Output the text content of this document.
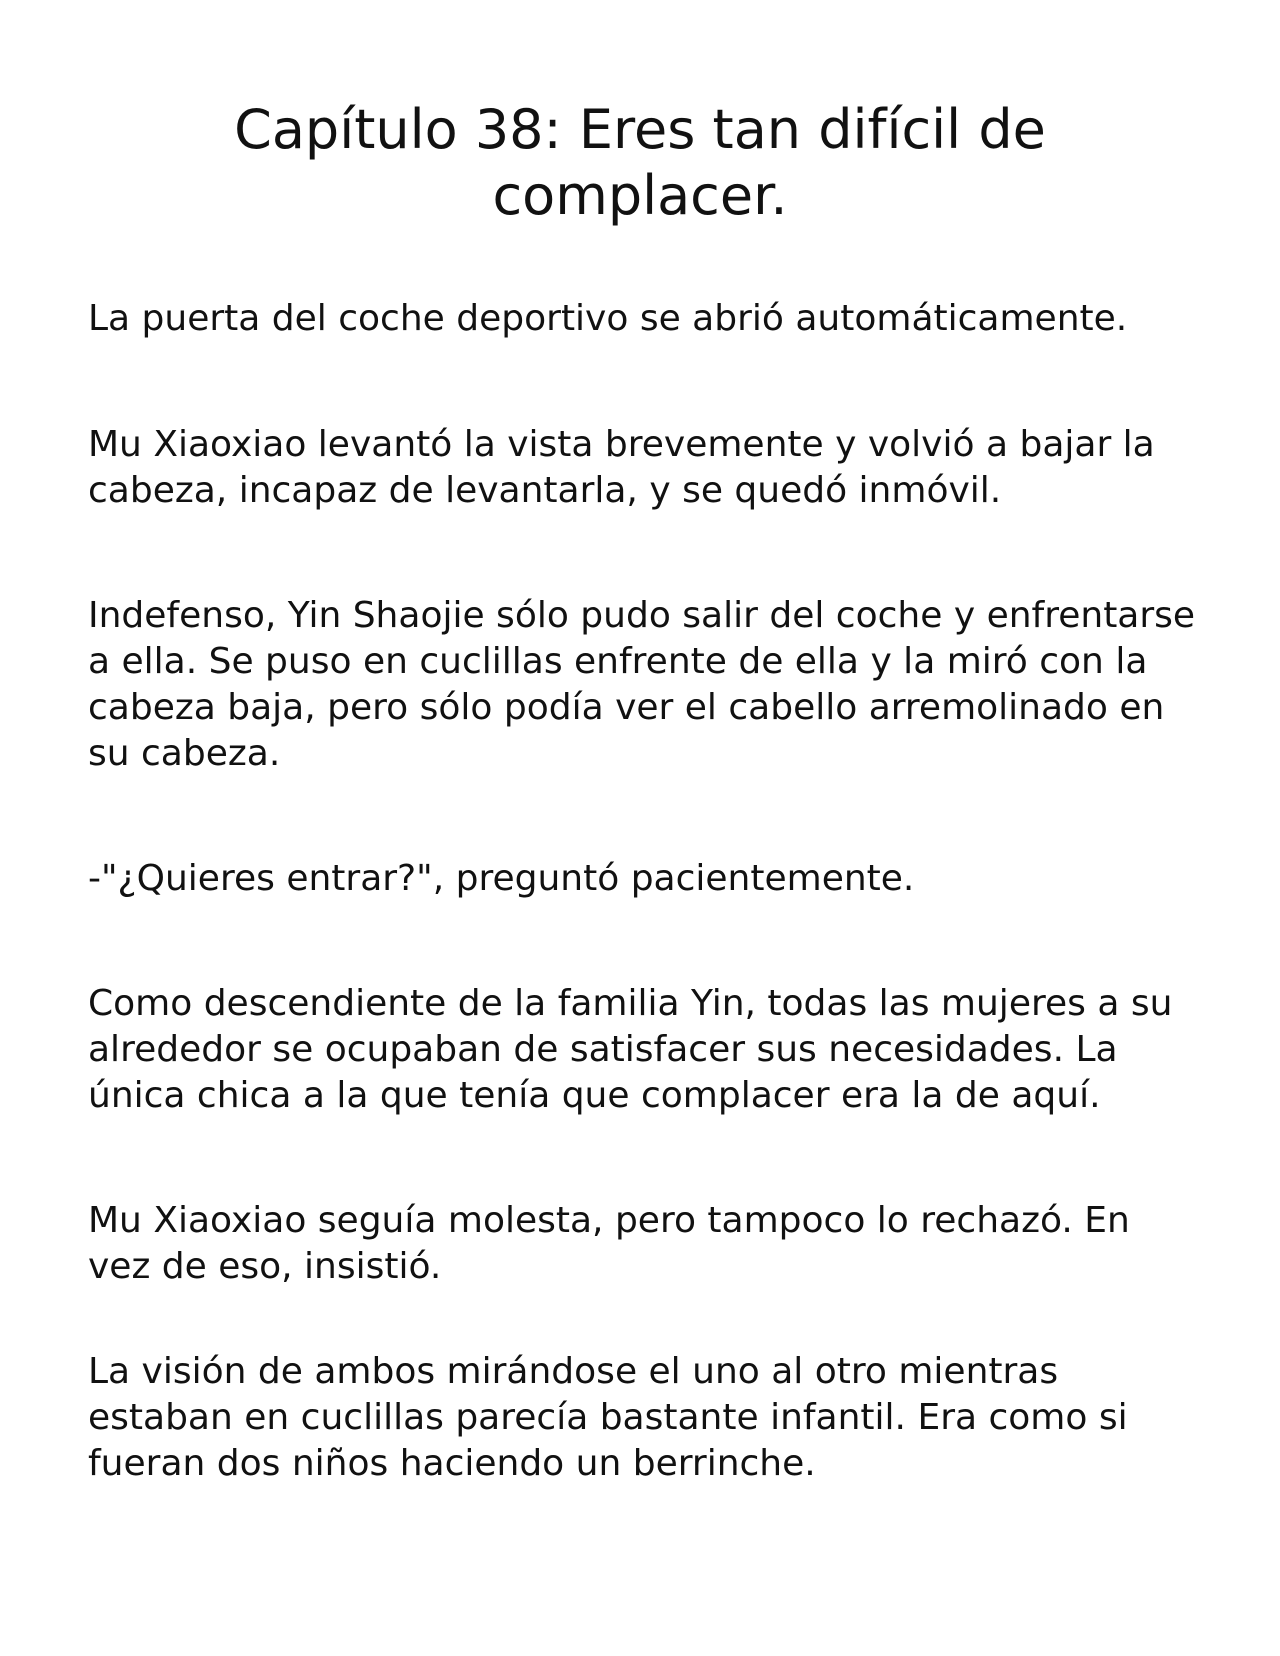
Capítulo 38: Eres tan difícil de
complacer.

La puerta del coche deportivo se abrió automáticamente.

Mu Xiaoxiao levantó la vista brevemente y volvió a bajar la cabeza, incapaz de levantarla, y se quedó inmóvil.

Indefenso, Yin Shaojie sólo pudo salir del coche y enfrentarse a ella. Se puso en cuclillas enfrente de ella y la miró con la cabeza baja, pero sólo podía ver el cabello arremolinado en su cabeza.

-"¿Quieres entrar?", preguntó pacientemente.

Como descendiente de la familia Yin, todas las mujeres a su alrededor se ocupaban de satisfacer sus necesidades. La única chica a la que tenía que complacer era la de aquí.

Mu Xiaoxiao seguía molesta, pero tampoco lo rechazó. En vez de eso, insistió.

La visión de ambos mirándose el uno al otro mientras estaban en cuclillas parecía bastante infantil. Era como si fueran dos niños haciendo un berrinche.
